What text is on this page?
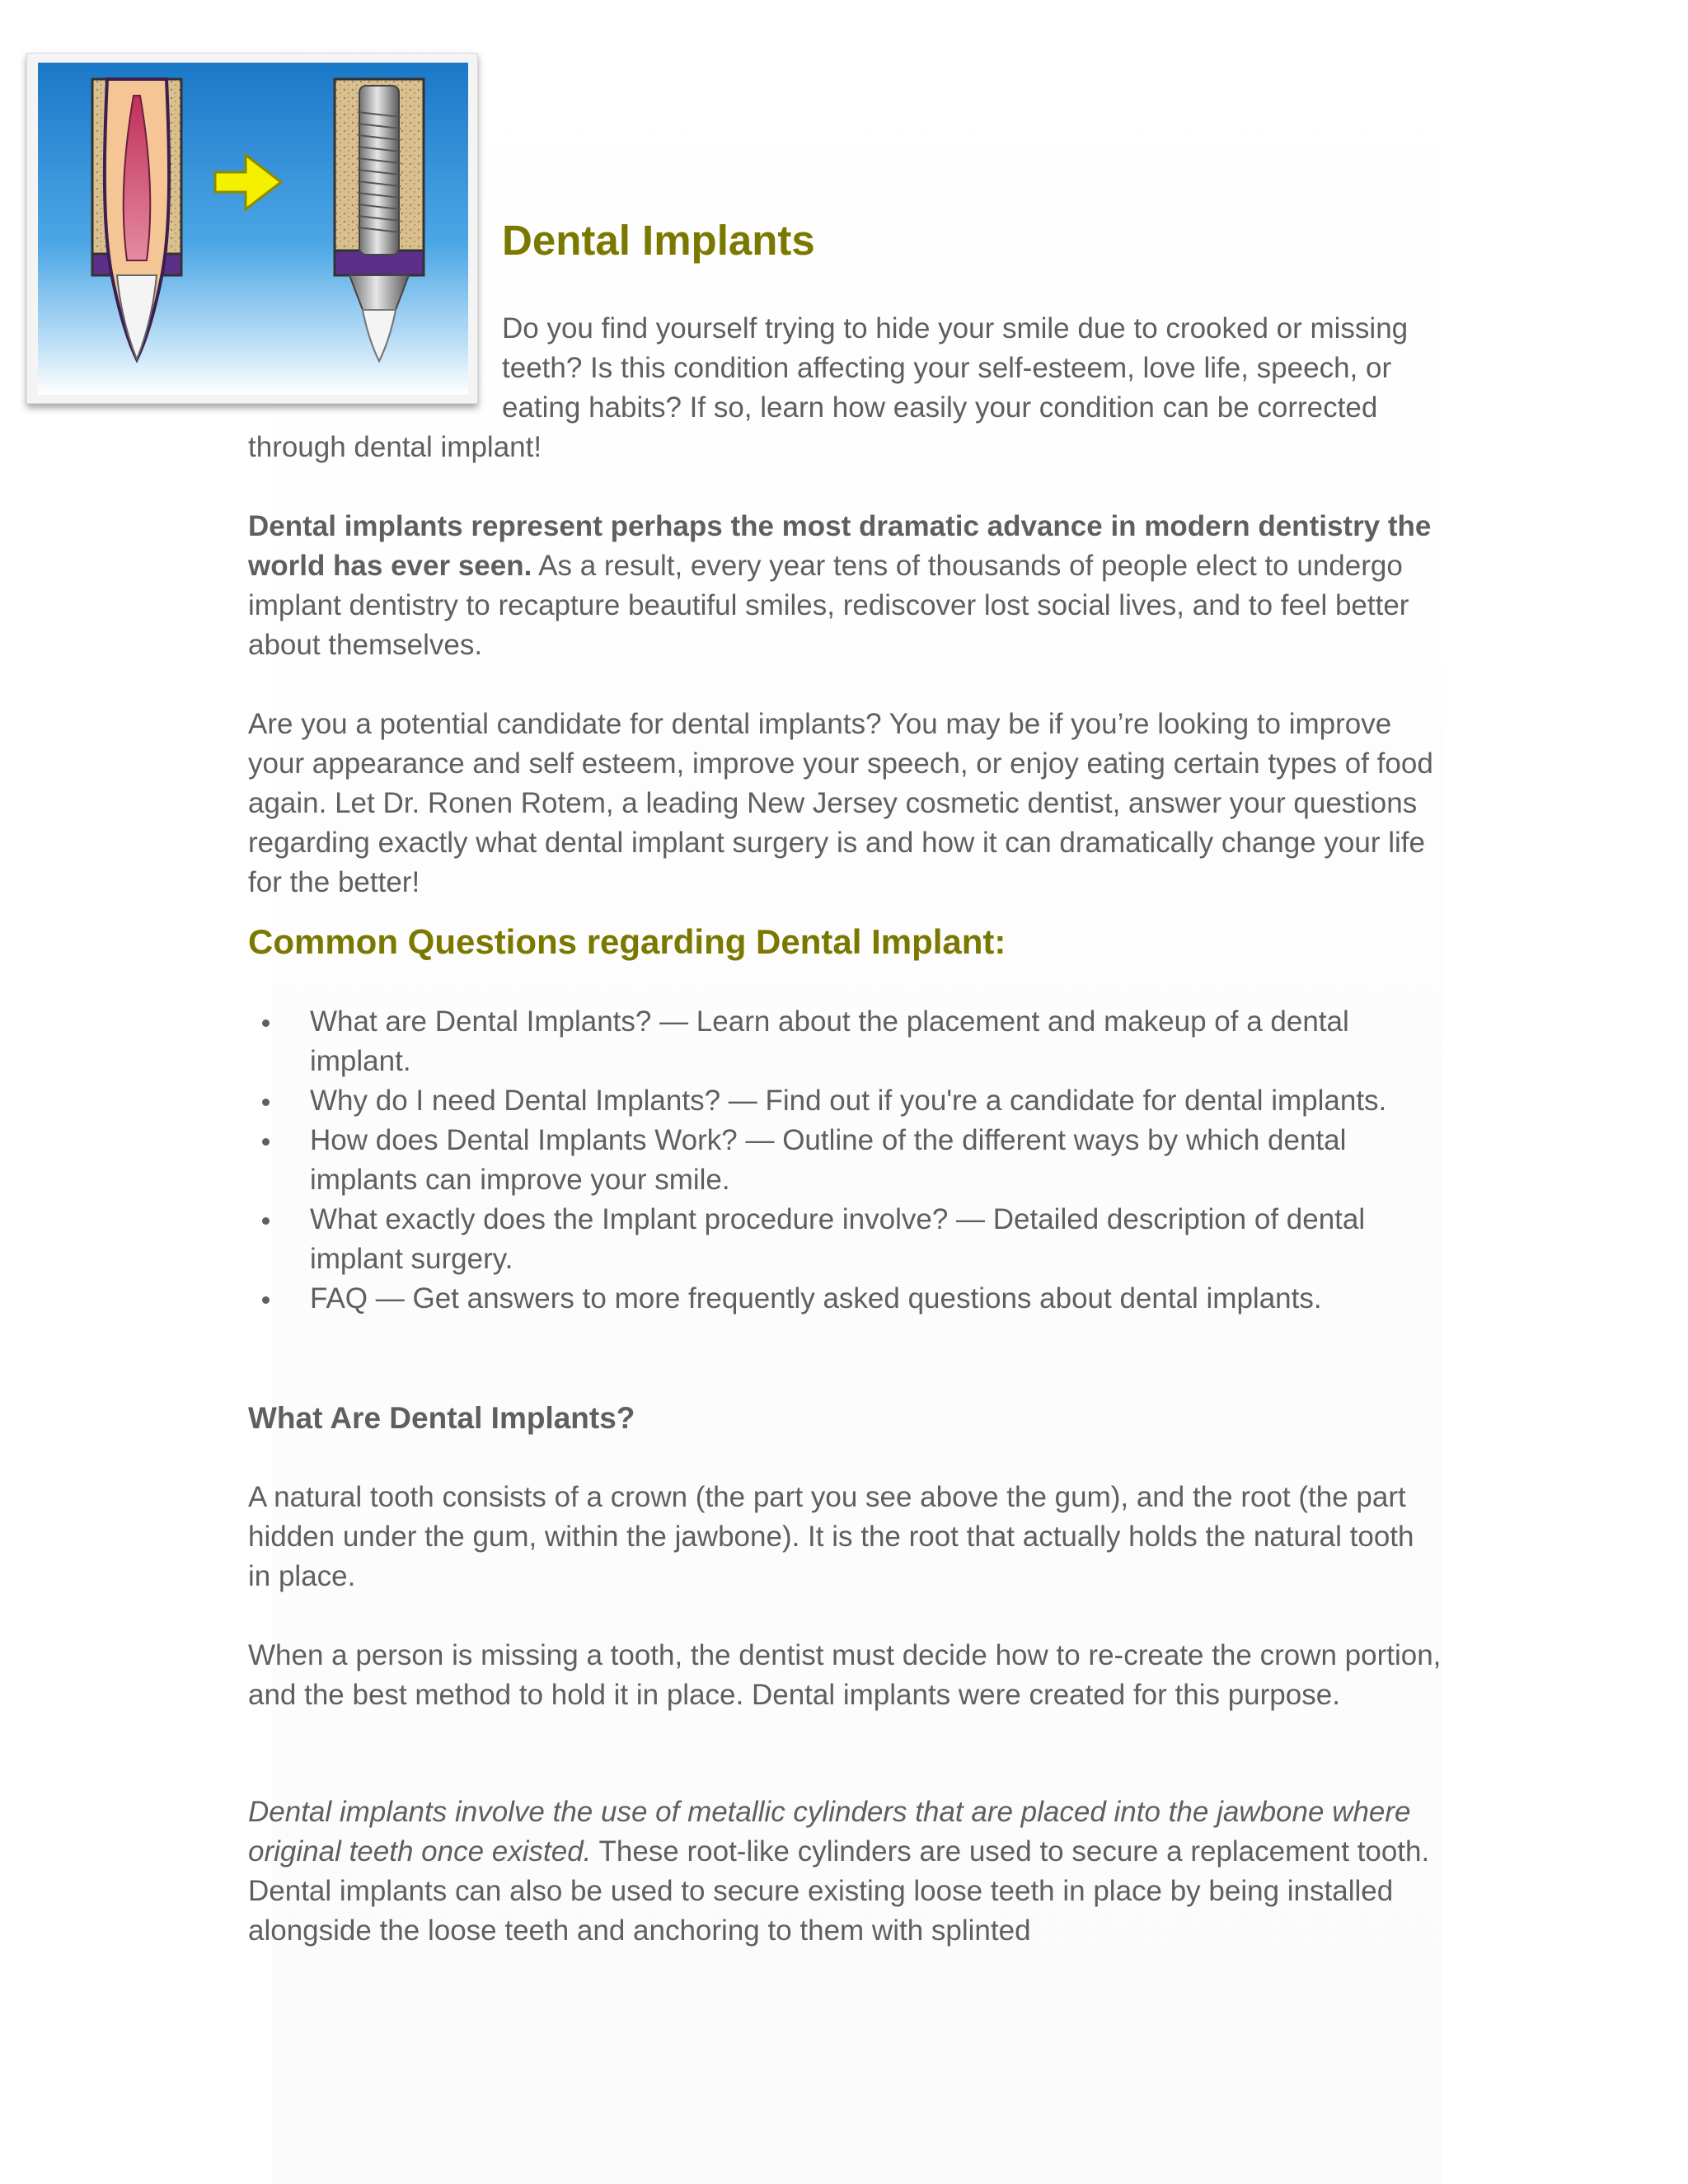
Dental Implants

Do you find yourself trying to hide your smile due to crooked or missing teeth? Is this condition affecting your self-esteem, love life, speech, or eating habits? If so, learn how easily your condition can be corrected through dental implant!

Dental implants represent perhaps the most dramatic advance in modern dentistry the world has ever seen. As a result, every year tens of thousands of people elect to undergo implant dentistry to recapture beautiful smiles, rediscover lost social lives, and to feel better about themselves.

Are you a potential candidate for dental implants? You may be if you’re looking to improve your appearance and self esteem, improve your speech, or enjoy eating certain types of food again. Let Dr. Ronen Rotem, a leading New Jersey cosmetic dentist, answer your questions regarding exactly what dental implant surgery is and how it can dramatically change your life for the better!

Common Questions regarding Dental Implant:
What are Dental Implants? — Learn about the placement and makeup of a dental implant.
Why do I need Dental Implants? — Find out if you're a candidate for dental implants.
How does Dental Implants Work? — Outline of the different ways by which dental implants can improve your smile.
What exactly does the Implant procedure involve? — Detailed description of dental implant surgery.
FAQ — Get answers to more frequently asked questions about dental implants.
What Are Dental Implants?

A natural tooth consists of a crown (the part you see above the gum), and the root (the part hidden under the gum, within the jawbone). It is the root that actually holds the natural tooth in place.

When a person is missing a tooth, the dentist must decide how to re-create the crown portion, and the best method to hold it in place. Dental implants were created for this purpose.

Dental implants involve the use of metallic cylinders that are placed into the jawbone where original teeth once existed. These root-like cylinders are used to secure a replacement tooth. Dental implants can also be used to secure existing loose teeth in place by being installed alongside the loose teeth and anchoring to them with splinted
